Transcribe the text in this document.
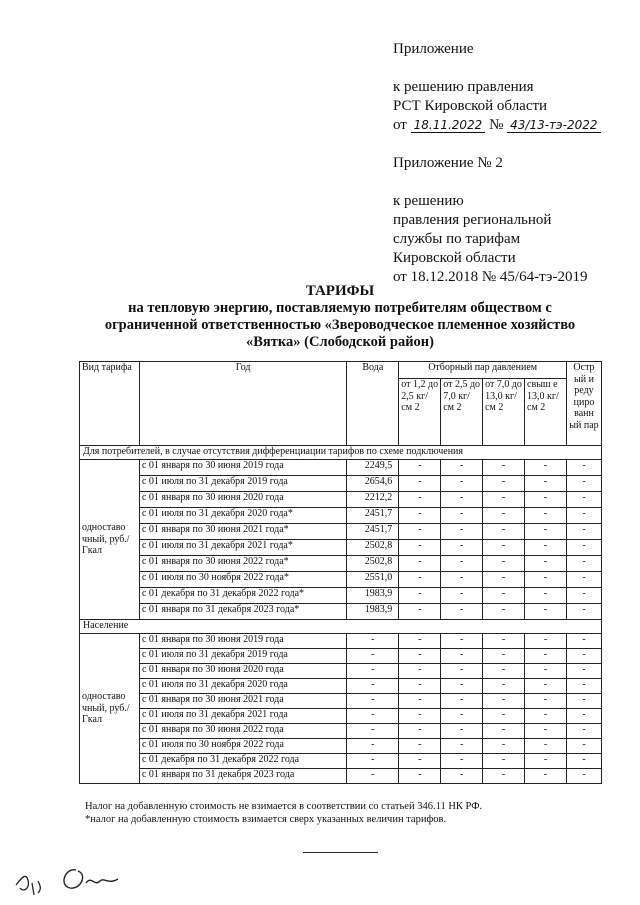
Приложение
к решению правления
РСТ Кировской области
от 18.11.2022 № 43/13-тэ-2022
Приложение № 2
к решению
правления региональной
службы по тарифам
Кировской области
от 18.12.2018 № 45/64-тэ-2019
ТАРИФЫ
на тепловую энергию, поставляемую потребителям обществом с
ограниченной ответственностью «Звероводческое племенное хозяйство
«Вятка» (Слободской район)
Вид тарифа	Год	Вода	Отборный пар давлением				Остр ый и реду циро ванн ый пар
			от 1,2 до 2,5 кг/см 2	от 2,5 до 7,0 кг/см 2	от 7,0 до 13,0 кг/см 2	свыш е 13,0 кг/см 2	
Для потребителей, в случае отсутствия дифференциации тарифов по схеме подключения							
одноставо чный, руб./Гкал	с 01 января по 30 июня 2019 года	2249,5	-	-	-	-	-
	с 01 июля по 31 декабря 2019 года	2654,6	-	-	-	-	-
	с 01 января по 30 июня 2020 года	2212,2	-	-	-	-	-
	с 01 июля по 31 декабря 2020 года*	2451,7	-	-	-	-	-
	с 01 января по 30 июня 2021 года*	2451,7	-	-	-	-	-
	с 01 июля по 31 декабря 2021 года*	2502,8	-	-	-	-	-
	с 01 января по 30 июня 2022 года*	2502,8	-	-	-	-	-
	с 01 июля по 30 ноября 2022 года*	2551,0	-	-	-	-	-
	с 01 декабря по 31 декабря 2022 года*	1983,9	-	-	-	-	-
	с 01 января по 31 декабря 2023 года*	1983,9	-	-	-	-	-
Население							
одноставо чный, руб./Гкал	с 01 января по 30 июня 2019 года	-	-	-	-	-	-
	с 01 июля по 31 декабря 2019 года	-	-	-	-	-	-
	с 01 января по 30 июня 2020 года	-	-	-	-	-	-
	с 01 июля по 31 декабря 2020 года	-	-	-	-	-	-
	с 01 января по 30 июня 2021 года	-	-	-	-	-	-
	с 01 июля по 31 декабря 2021 года	-	-	-	-	-	-
	с 01 января по 30 июня 2022 года	-	-	-	-	-	-
	с 01 июля по 30 ноября 2022 года	-	-	-	-	-	-
	с 01 декабря по 31 декабря 2022 года	-	-	-	-	-	-
	с 01 января по 31 декабря 2023 года	-	-	-	-	-	-
Налог на добавленную стоимость не взимается в соответствии со статьей 346.11 НК РФ.
*налог на добавленную стоимость взимается сверх указанных величин тарифов.
